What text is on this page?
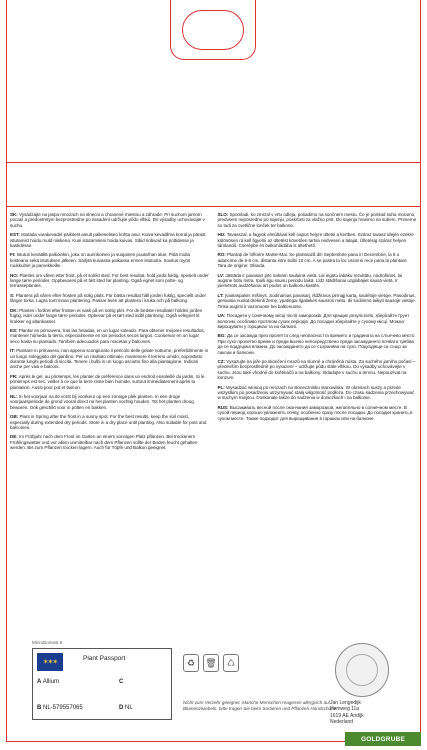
SK: Vysádzajte na jaspa mnozach na slnecni a chranené miestou a záhrade. Pri suchom jarnom pocasí a predostretým bezprostredne po zasadení udržujte pôdu vlhkú. Do výsadby uchovávajte v suchu.

EST: Istutada varakevadel päiksest ainult paikeseliseo kohta asui. Kuiva kevadilma korral ja pärast istutamist hoidu muld niiskena. Kuni istutamiseni hoida kuivas. Sibid sobivad ka pottidesse ja kastidesse.

FI: Istutus keväällä paikoinkin, joka on aurinkoinen ja suojainen puutarhan alue. Pidä multa kosteana sekä istutuksen jälkeen. Säilytä kuivassa paikassa ennen istutusta. Sovitus myös ruukkuihin ja parvekkeille.

NO: Plantes om våren etter frost, på et solrikt sted. For best resultat, hold jorda fuktig, spesielt under lange tørre perioder. Oppbevares på et tørt sted før planting. Også egnet som potte- og terrasseplantes.

S: Plantera på våren efter frosten på solig plats. För bästa resultat håll jorden fuktig, speciellt under långre torka. Lagra torrt innan plantering. Passar även att plantera i kruka och på balkong.

DK: Plantes i foråret efter frosten et vask på en solrig plet. For de bedste resultater holdes jorden fugtig, især under lange tørre perioder. Opbevar på et tørt sted indtil plantning. Også velegnet til krukker og altankasser.

ES: Plantar en primavera, tras las heladas, en un lugar soleado. Para obtener mejores resultados, mantener húmeda la tierra, especialmente en los periodos secos largos. Conservar en un lugar seco hasta su plantado. También adecuados para macetas y balcones.

IT: Piantare in primavera, non appena scongiurato il pericolo delle gelate notturne, preferibilmente in un luogo soleggiato del giardino. Per un risultato ottimale, mantenere il terreno umido, soprattutto durante lunghi periodi di siccità. Tenere i bulbi in un luogo asciutto fino alla piantagione. Indicati anche per vasi e balconi.

FR: Après le gel, au printemps, les planter de préférence dans un endroit ensoleillé du jardin. Si le printemps est sec, veiller à ce que la terre reste bien humide, surtout immédiatement après la plantation. Aussi pour pot et balcon.

NL: In het voorjaar na de vorst bij voorkeur op een zonnige plek planten. In een droge voorjaarsperiode de grond vooral direct na het planten vochtig houden. Tot het planten droog bewaren. Ook geschikt voor in potten en bakken.

GB: Plant in Spring after the frost in a sunny spot. For the best results, keep the soil moist, especially during extended dry periods. Store in a dry place until planting. Also suitable for pots and balconies.

DE: Im Frühjahr nach dem Frost im Garten an einem sonnigen Platz pflanzen. Bei trockenem Frühlingswetter und vor allem unmittelbar nach dem Pflanzen sollte der Boden feucht gehalten werden. Bis zum Pflanzen trocken lagern. Auch für Töpfe und Balkon geeignet.

SLO: Spomladi, ko zmrzal v vrtu odleja, posadimo na sončnem mestu. Če je pomlad suha moramo, predvsem neposredno po sajenju, poskrbeti za vlažno prst. Do sajenja hranimo na suhem. Primerne so tudi za cvetlične lonček ter balkone.

HU: Tavasszal, a fagyok elmúltával kell napos helyre ültetni a kertben. Száraz tavasz idején ezekre különösen rá kell figyelni az ültetést követően tartsa nedvesen a talajat. Ültetésig száraz helyen tárolandó. Cserépbe és balkonládába is ültethető.

RO: Plantați de înflorire Martie-Mai. Se plantează din Septembrie pana in Decembrie, la 6 u adancime de 6-8 cm, distanta intre bulbi 10 cm. A se pastra la loc uscat si rece pana la plantare. Tara de origine: Olanda.

LV: Jāstāda ir pavasarī pēc salnām saulainā vietā. Lai iegūtu labāku rezultātu, nodrošiniet, lai augsne būtu mitra, īpaši ilgu sausu periodu laikā. Līdz stādīšanai uzglabājiet sausā vietā. Ir piemērots audzēšanai arī podos un balkonu kastēs.

LT: Įvairiaspalvis mišinys. Sodinamas pavasarį, išdžiūvus pirmąjį kartą, saulėtoje vietoje. Pasodinus, geriausia nuolat drėkinti žemę, ypatingai ilgalaikės sausros metu. Iki sodinimo laikyti sausoje vietoje. Tinka auginti ir vazonuose bei balkonuose.

UA: Посадити у сонячному місці після заморозків. Для кращих результатів, зберігайте ґрунт вологим, особливо протягом сухих періодів. До посадки зберігайте у сухому місці. Можна вирощувати у горщиках та на балконі.

BG: Да се засажда през пролетта след неопасността времето и градината на слънчево място. При сухо пролетно време и преди всичко непосредствено преди засаждането почвата трябва да се поддържа влажна. До засаждането да се съхранява на сухо. Подходящи са също за саксии и балкони.

CZ: Vysazujte na jaře po skončení mrazů na slunné a chráněná místa. Za suchého jarního počasí – především bezprostředně po vysazení – udržujte půdu stále vlhkou. Do výsadby uchovávejte v suchu. Jsou také vhodné do květináčů a na balkony. Skladujte v suchu a temnu. Nepouzívat na konzum.

PL: Wysadzać wiosną po mrozach na słonecznisku stanowisku. W okresach suszy a przede wszystkim po posadzeniu utrzymywać stałą wilgotność podłoża. Do czasu sadzenia przechowywać w suchym miejscu. Doskonale także do sadzenia w doniczkach i na balkonie.

RUS: Высаживать весной после окончания заморозков, желательно в солнечном месте. В сухой период хорошо увлажнять почву, особенно сразу после посадки. До посадки хранить в сухом месте. Также подходит для выращивания в горшках или на балконе.

MicroDomest II
✶✶✶
Plant Passport
A Allium	C
B NL-579557065	D NL
♻	🗑	♺

Nicht zum Verzehr geeignet. Manche Menschen reagieren allergisch auf Blumenzwiebeln. bitte tragen Sie beim Sortieren und Pflanzen Handschuhe.

Jan Lengedijk
Hemweg 11a
1619 AE Andijk
Nederland

GOLDGRUBE
